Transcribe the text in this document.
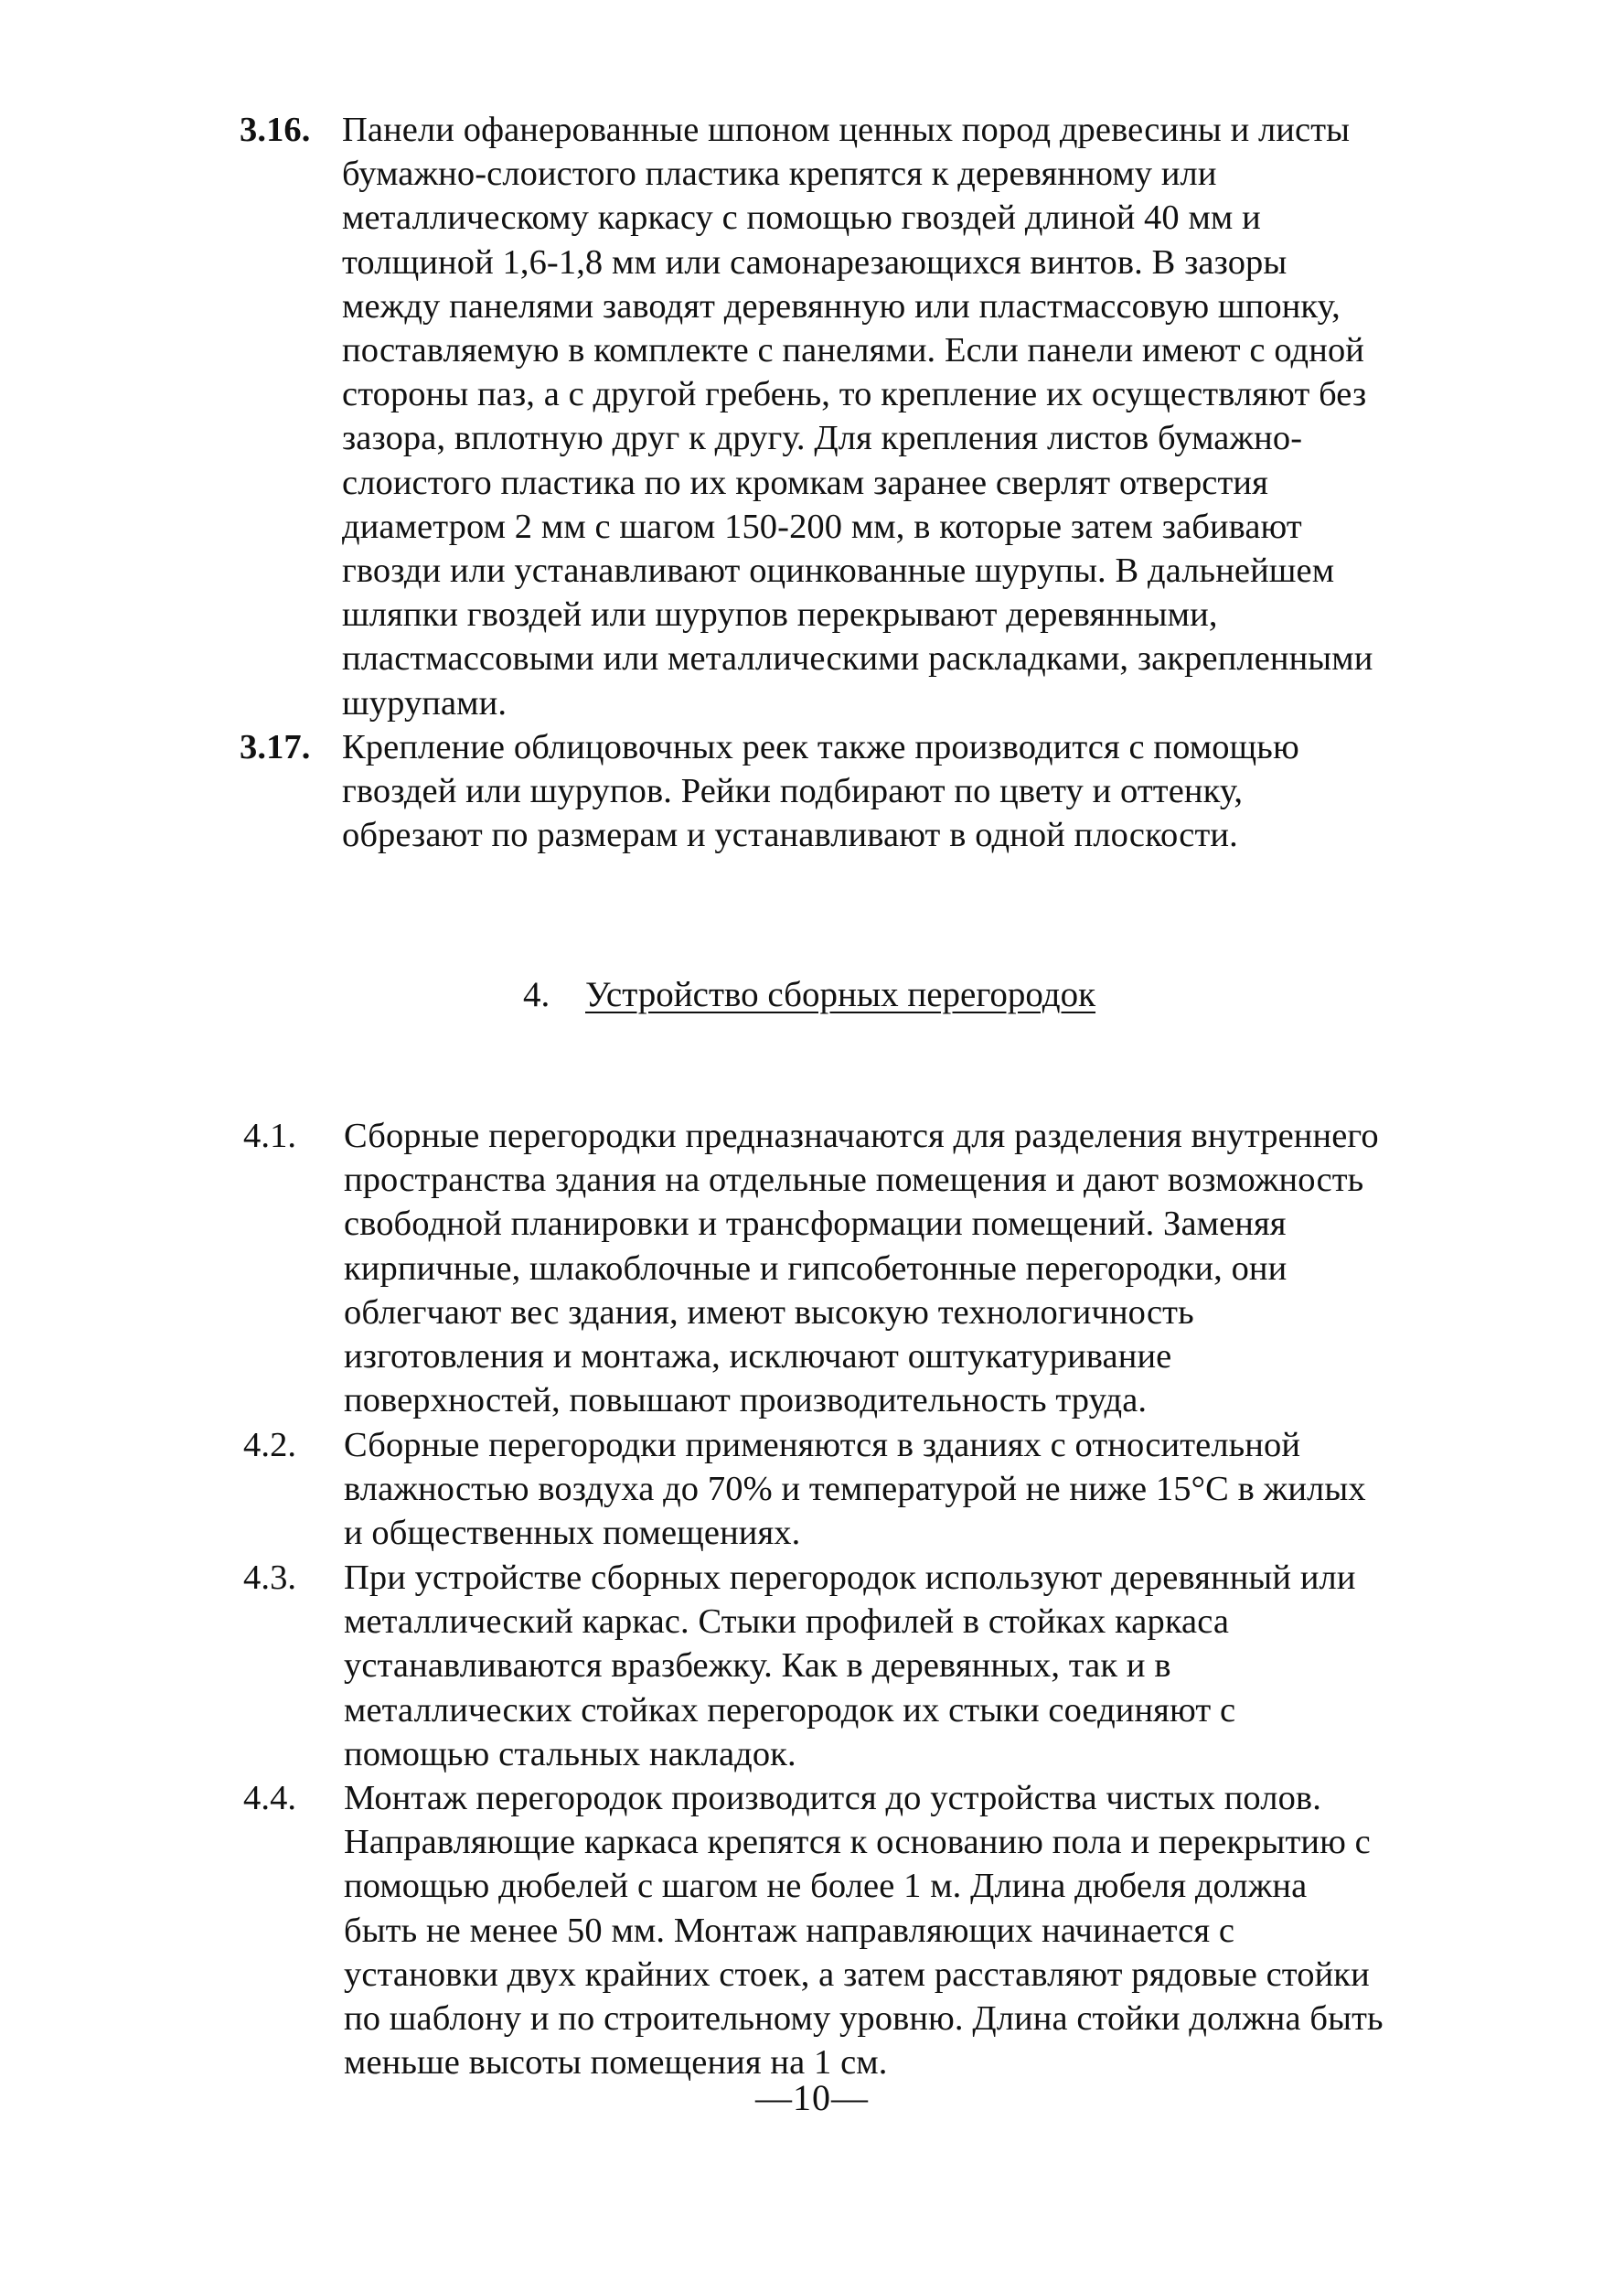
3.16. Панели офанерованные шпоном ценных пород древесины и листы
бумажно-слоистого пластика крепятся к деревянному или
металлическому каркасу с помощью гвоздей длиной 40 мм и
толщиной 1,6-1,8 мм или самонарезающихся винтов. В зазоры
между панелями заводят деревянную или пластмассовую шпонку,
поставляемую в комплекте с панелями. Если панели имеют с одной
стороны паз, а с другой гребень, то крепление их осуществляют без
зазора, вплотную друг к другу. Для крепления листов бумажно-
слоистого пластика по их кромкам заранее сверлят отверстия
диаметром 2 мм с шагом 150-200 мм, в которые затем забивают
гвозди или устанавливают оцинкованные шурупы. В дальнейшем
шляпки гвоздей или шурупов перекрывают деревянными,
пластмассовыми или металлическими раскладками, закрепленными
шурупами.
3.17. Крепление облицовочных реек также производится с помощью
гвоздей или шурупов. Рейки подбирают по цвету и оттенку,
обрезают по размерам и устанавливают в одной плоскости.
4. Устройство сборных перегородок
4.1. Сборные перегородки предназначаются для разделения внутреннего
пространства здания на отдельные помещения и дают возможность
свободной планировки и трансформации помещений. Заменяя
кирпичные, шлакоблочные и гипсобетонные перегородки, они
облегчают вес здания, имеют высокую технологичность
изготовления и монтажа, исключают оштукатуривание
поверхностей, повышают производительность труда.
4.2. Сборные перегородки применяются в зданиях с относительной
влажностью воздуха до 70% и температурой не ниже 15°С в жилых
и общественных помещениях.
4.3. При устройстве сборных перегородок используют деревянный или
металлический каркас. Стыки профилей в стойках каркаса
устанавливаются вразбежку. Как в деревянных, так и в
металлических стойках перегородок их стыки соединяют с
помощью стальных накладок.
4.4. Монтаж перегородок производится до устройства чистых полов.
Направляющие каркаса крепятся к основанию пола и перекрытию с
помощью дюбелей с шагом не более 1 м. Длина дюбеля должна
быть не менее 50 мм. Монтаж направляющих начинается с
установки двух крайних стоек, а затем расставляют рядовые стойки
по шаблону и по строительному уровню. Длина стойки должна быть
меньше высоты помещения на 1 см.
—10—
